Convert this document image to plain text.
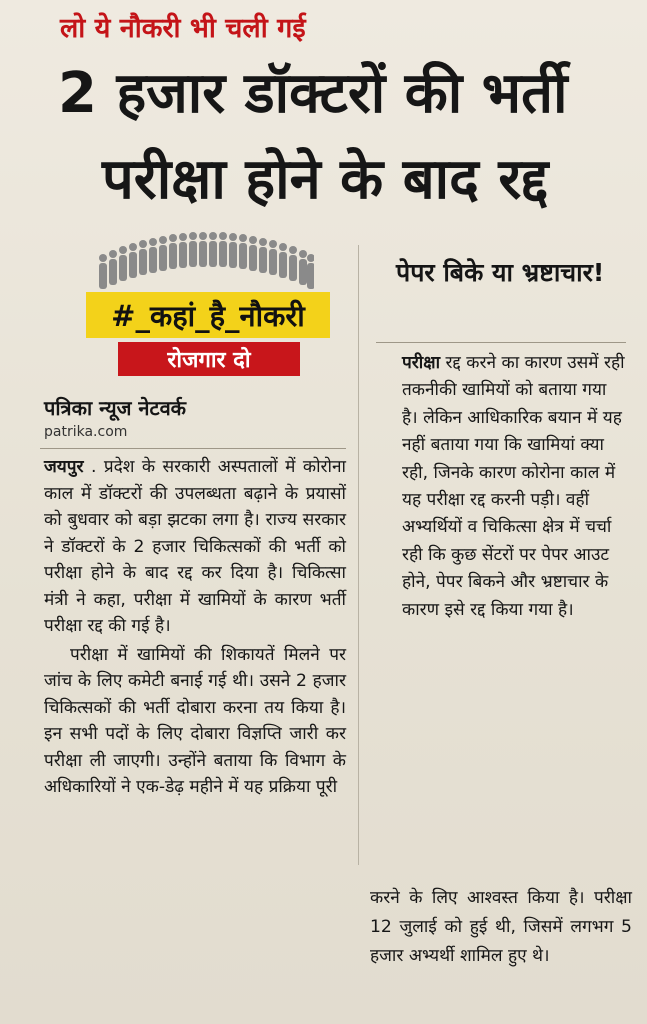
लो ये नौकरी भी चली गई
2 हजार डॉक्टरों की भर्ती
परीक्षा होने के बाद रद्द
#_कहां_है_नौकरी
रोजगार दो
पत्रिका न्यूज नेटवर्क
patrika.com

जयपुर . प्रदेश के सरकारी अस्पतालों में कोरोना काल में डॉक्टरों की उपलब्धता बढ़ाने के प्रयासों को बुधवार को बड़ा झटका लगा है। राज्य सरकार ने डॉक्टरों के 2 हजार चिकित्सकों की भर्ती को परीक्षा होने के बाद रद्द कर दिया है। चिकित्सा मंत्री ने कहा, परीक्षा में खामियों के कारण भर्ती परीक्षा रद्द की गई है।

परीक्षा में खामियों की शिकायतें मिलने पर जांच के लिए कमेटी बनाई गई थी। उसने 2 हजार चिकित्सकों की भर्ती दोबारा करना तय किया है। इन सभी पदों के लिए दोबारा विज्ञप्ति जारी कर परीक्षा ली जाएगी। उन्होंने बताया कि विभाग के अधिकारियों ने एक-डेढ़ महीने में यह प्रक्रिया पूरी

पेपर बिके या भ्रष्टाचार!

परीक्षा रद्द करने का कारण उसमें रही तकनीकी खामियों को बताया गया है। लेकिन आधिकारिक बयान में यह नहीं बताया गया कि खामियां क्या रही, जिनके कारण कोरोना काल में यह परीक्षा रद्द करनी पड़ी। वहीं अभ्यर्थियों व चिकित्सा क्षेत्र में चर्चा रही कि कुछ सेंटरों पर पेपर आउट होने, पेपर बिकने और भ्रष्टाचार के कारण इसे रद्द किया गया है।

करने के लिए आश्वस्त किया है। परीक्षा 12 जुलाई को हुई थी, जिसमें लगभग 5 हजार अभ्यर्थी शामिल हुए थे।
